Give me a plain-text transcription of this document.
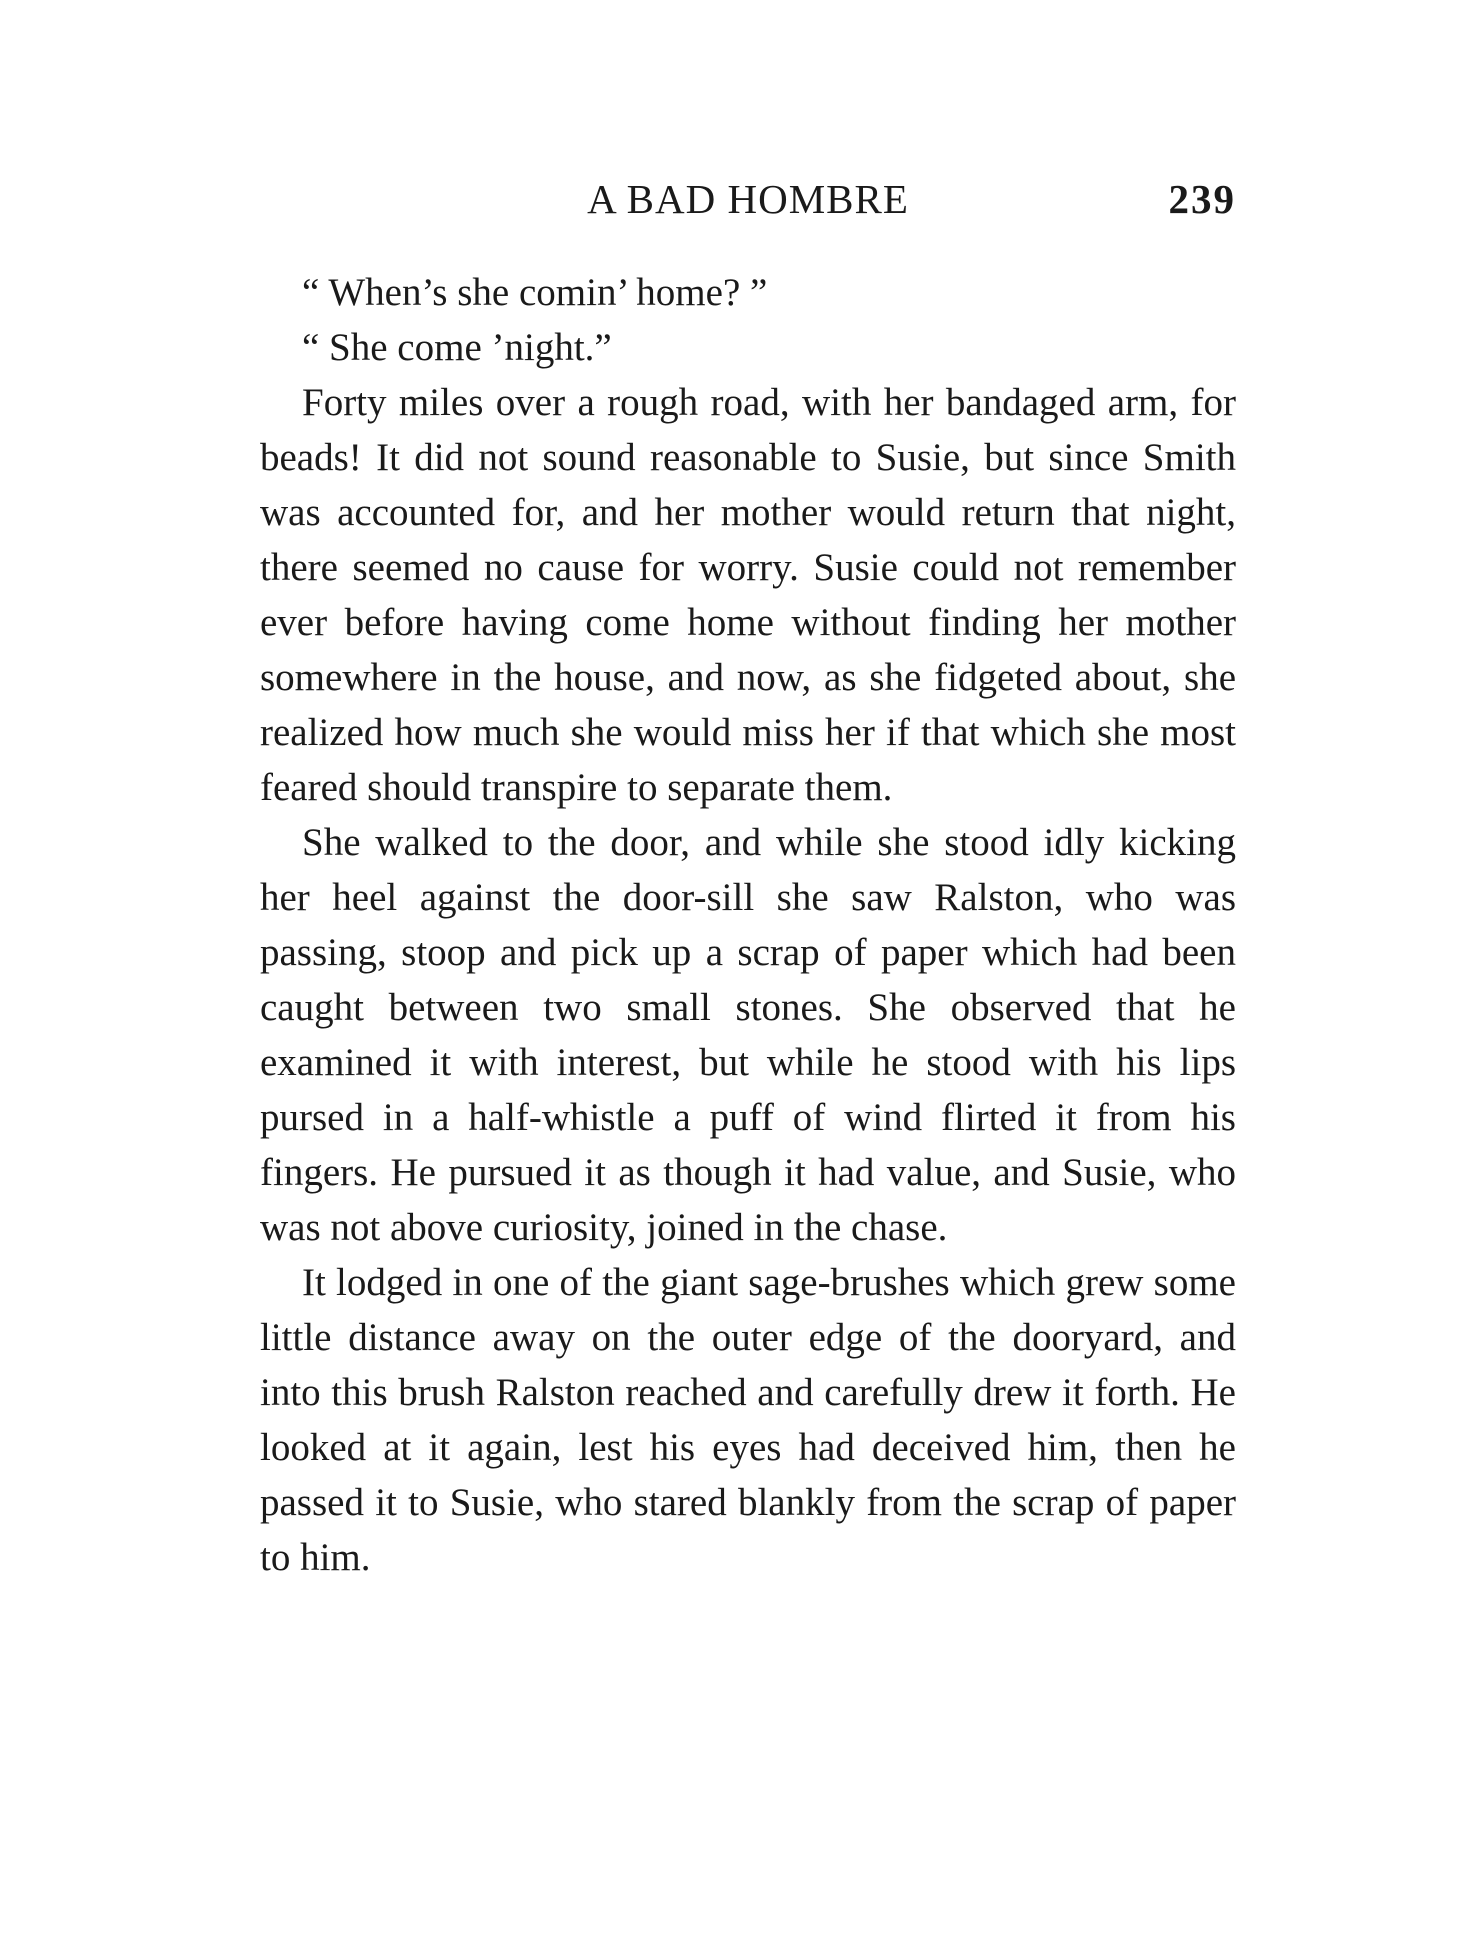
A BAD HOMBRE	239

“ When’s she comin’ home? ”

“ She come ’night.”

Forty miles over a rough road, with her bandaged arm, for beads! It did not sound reasonable to Susie, but since Smith was accounted for, and her mother would return that night, there seemed no cause for worry. Susie could not remember ever before having come home without finding her mother somewhere in the house, and now, as she fidgeted about, she realized how much she would miss her if that which she most feared should transpire to separate them.

She walked to the door, and while she stood idly kicking her heel against the door-sill she saw Ralston, who was passing, stoop and pick up a scrap of paper which had been caught between two small stones. She observed that he examined it with interest, but while he stood with his lips pursed in a half-whistle a puff of wind flirted it from his fingers. He pursued it as though it had value, and Susie, who was not above curiosity, joined in the chase.

It lodged in one of the giant sage-brushes which grew some little distance away on the outer edge of the dooryard, and into this brush Ralston reached and carefully drew it forth. He looked at it again, lest his eyes had deceived him, then he passed it to Susie, who stared blankly from the scrap of paper to him.
